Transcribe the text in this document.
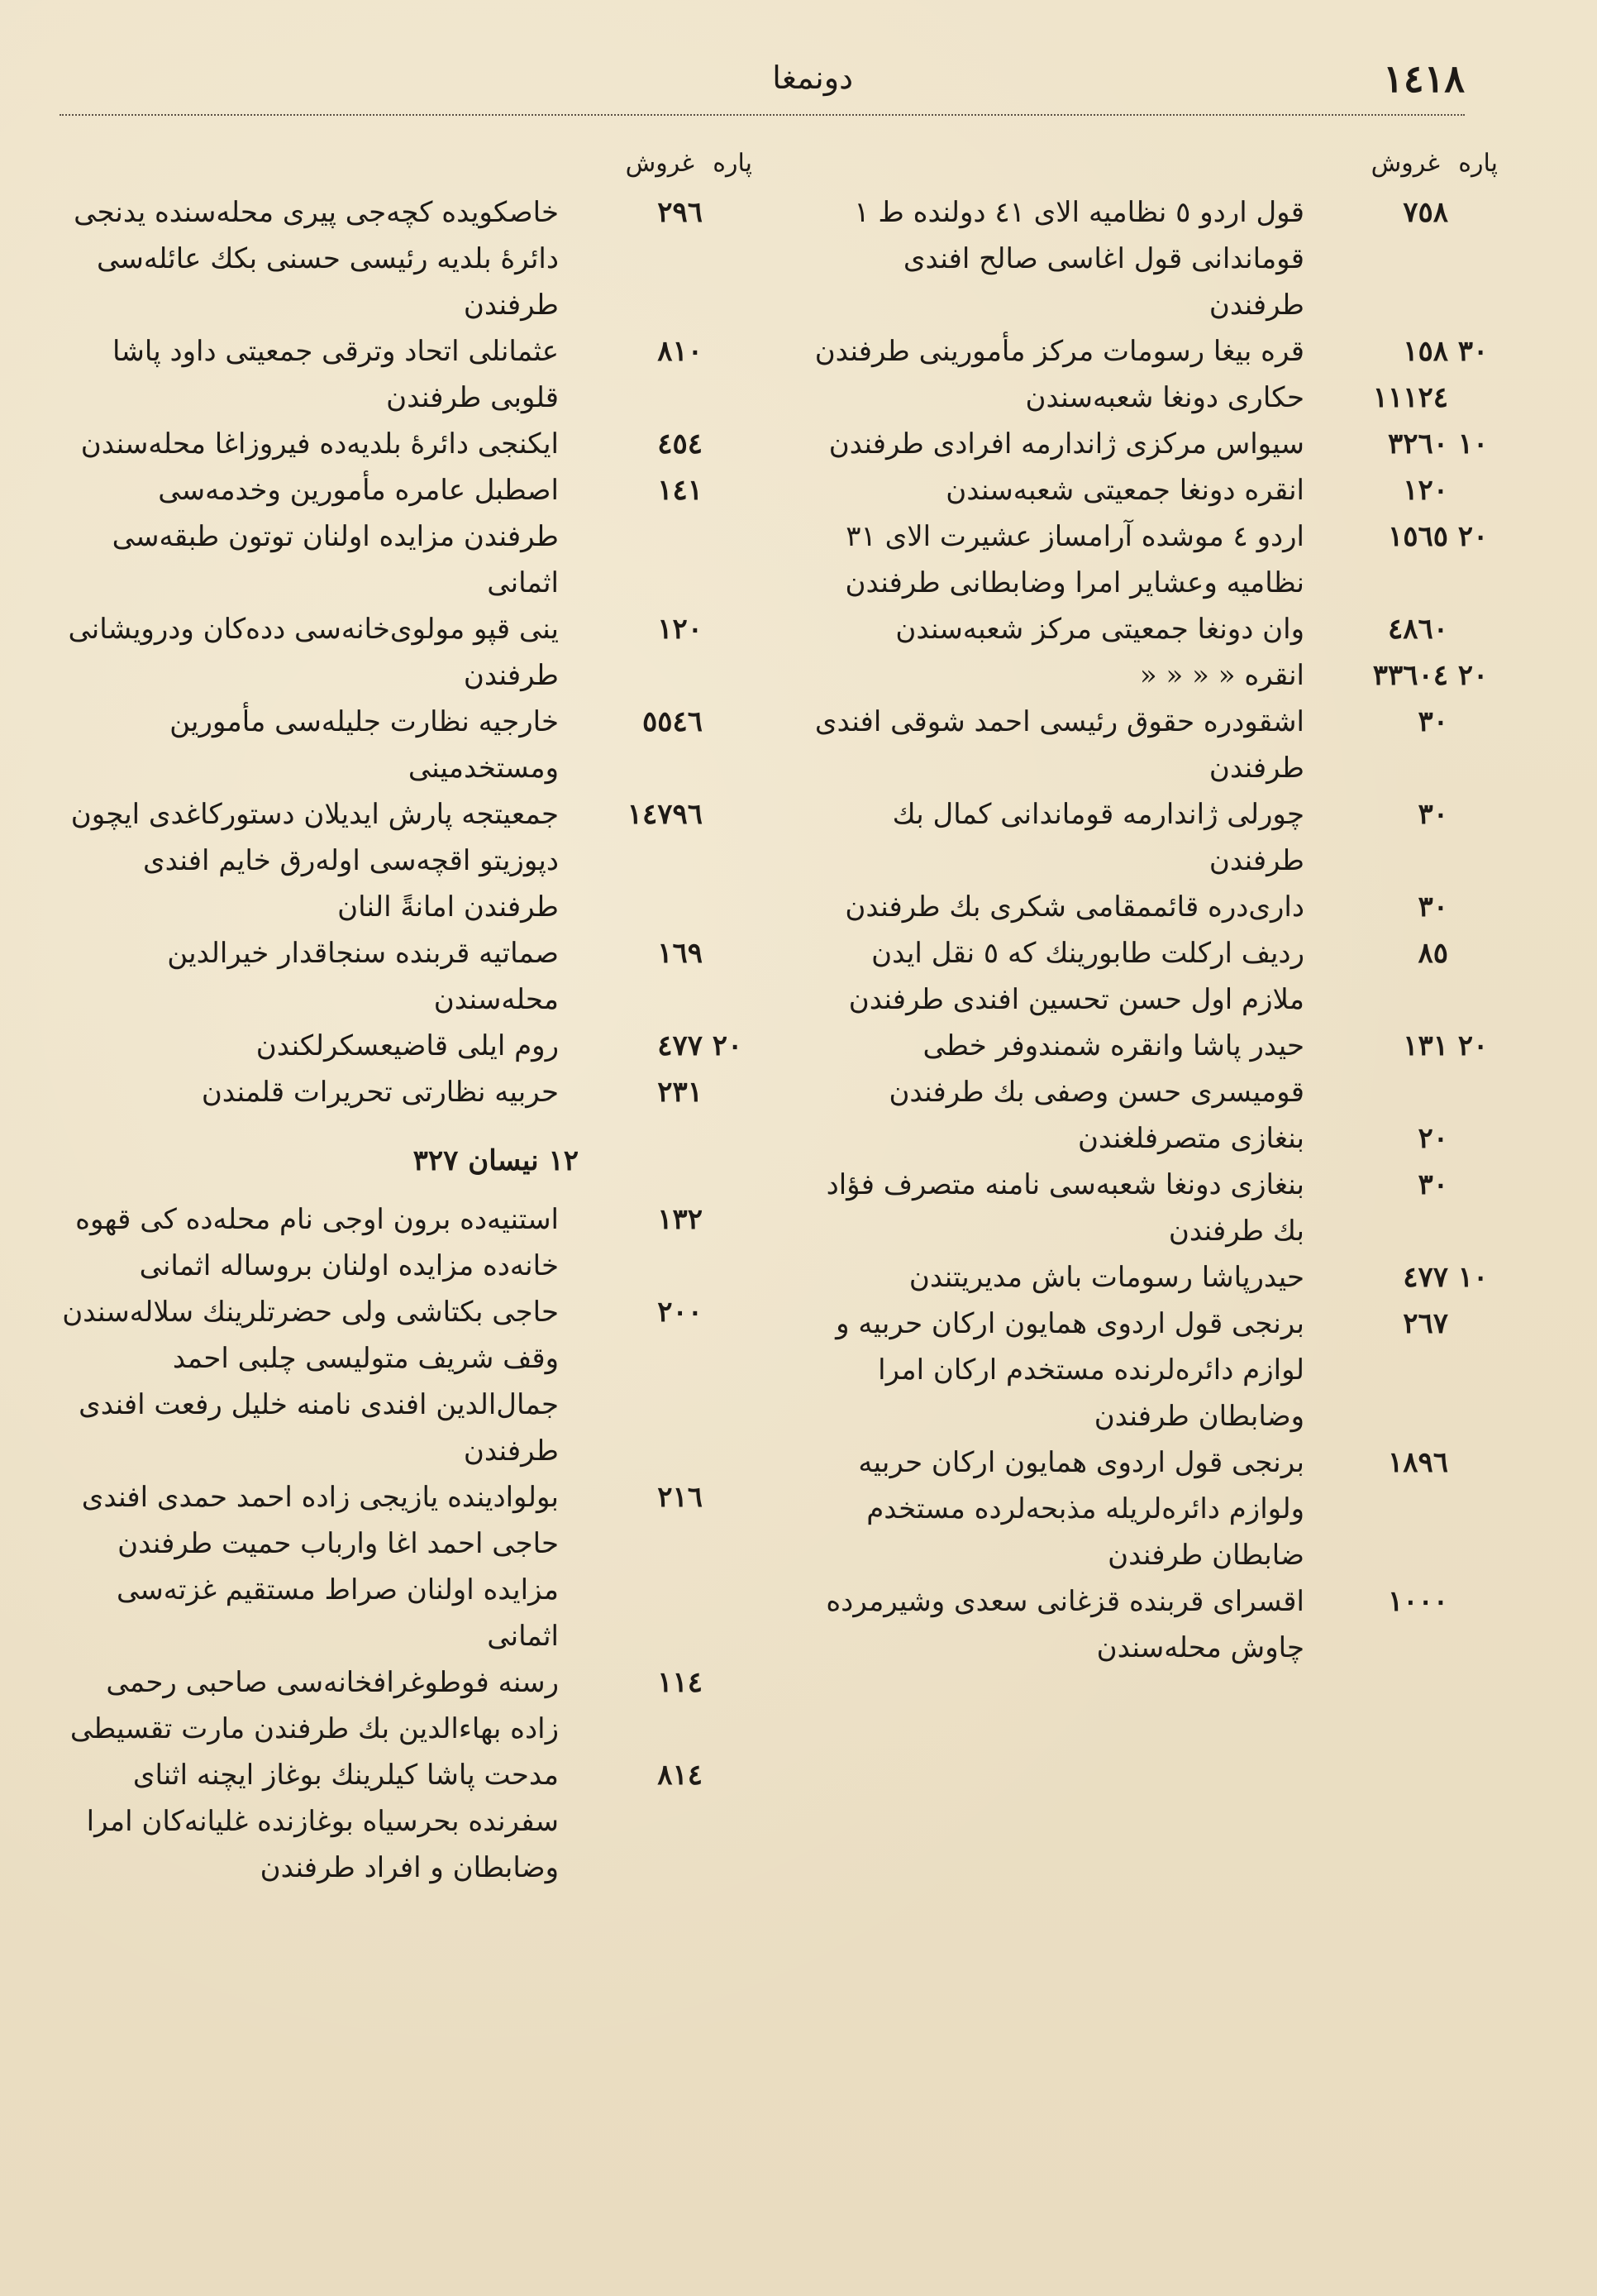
١٤١٨
دونمغا
پاره
غروش
٧٥٨
قول اردو ٥ نظامیه الای ٤١ دولنده ط ١ قوماندانی قول اغاسی صالح افندی طرفندن
٣٠
١٥٨
قره بیغا رسومات مرکز مأمورینی طرفندن
١١١٢٤
حکاری دونغا شعبه‌سندن
١٠
٣٢٦٠
سیواس مرکزی ژاندارمه افرادی طرفندن
١٢٠
انقره دونغا جمعیتی شعبه‌سندن
٢٠
١٥٦٥
اردو ٤ موشده آرامساز عشیرت الای ٣١ نظامیه وعشایر امرا وضابطانی طرفندن
٤٨٦٠
وان دونغا جمعیتی مرکز شعبه‌سندن
٢٠
٣٣٦٠٤
انقره « « « «
٣٠
اشقودره حقوق رئیسی احمد شوقی افندی طرفندن
٣٠
چورلی ژاندارمه قوماندانی کمال بك طرفندن
٣٠
داری‌دره قائممقامی شکری بك طرفندن
٨٥
ردیف ارکلت طابورینك که ٥ نقل ایدن ملازم اول حسن تحسین افندی طرفندن
٢٠
١٣١
حیدر پاشا وانقره شمندوفر خطی قومیسری حسن وصفی بك طرفندن
٢٠
بنغازی متصرفلغندن
٣٠
بنغازی دونغا شعبه‌سی نامنه متصرف فؤاد بك طرفندن
١٠
٤٧٧
حیدرپاشا رسومات باش مدیریتندن
٢٦٧
برنجی قول اردوی همایون ارکان حربیه و لوازم دائره‌لرنده مستخدم ارکان امرا وضابطان طرفندن
١٨٩٦
برنجی قول اردوی همایون ارکان حربیه ولوازم دائره‌لریله مذبحه‌لرده مستخدم ضابطان طرفندن
١٠٠٠
اقسرای قربنده قزغانی سعدی وشیرمرده چاوش محله‌سندن
پاره
غروش
٢٩٦
خاصکویده کچه‌جی پیری محله‌سنده یدنجی دائرهٔ بلدیه رئیسی حسنی بکك عائله‌سی طرفندن
٨١٠
عثمانلی اتحاد وترقی جمعیتی داود پاشا قلوبی طرفندن
٤٥٤
ایکنجی دائرهٔ بلدیه‌ده فیروزاغا محله‌سندن
١٤١
اصطبل عامره مأمورین وخدمه‌سی طرفندن مزایده اولنان توتون طبقه‌سی اثمانی
١٢٠
ینی قپو مولوی‌خانه‌سی دده‌کان ودرویشانی طرفندن
٥٥٤٦
خارجیه نظارت جلیله‌سی مأمورین ومستخدمینی
١٤٧٩٦
جمعیتجه پارش ایدیلان دستورکاغدی ایچون دپوزیتو اقچه‌سی اوله‌رق خایم افندی طرفندن امانةً النان
١٦٩
صماتیه قربنده سنجاقدار خیرالدین محله‌سندن
٢٠
٤٧٧
روم ایلی قاضیعسکرلکندن
٢٣١
حربیه نظارتی تحریرات قلمندن
١٢ نیسان ٣٢٧
١٣٢
استنیه‌ده برون اوجی نام محله‌ده کی قهوه خانه‌ده مزایده اولنان بروساله اثمانی
٢٠٠
حاجی بکتاشی ولی حضرتلرینك سلاله‌سندن وقف شریف متولیسی چلبی احمد جمال‌الدین افندی نامنه خلیل رفعت افندی طرفندن
٢١٦
بولوادینده یازیجی زاده احمد حمدی افندی حاجی احمد اغا وارباب حمیت طرفندن مزایده اولنان صراط مستقیم غزته‌سی اثمانی
١١٤
رسنه فوطوغرافخانه‌سی صاحبی رحمی زاده بهاءالدین بك طرفندن مارت تقسیطی
٨١٤
مدحت پاشا کیلرینك بوغاز ایچنه اثنای سفرنده بحرسیاه بوغازنده غلیانه‌کان امرا وضابطان و افراد طرفندن
